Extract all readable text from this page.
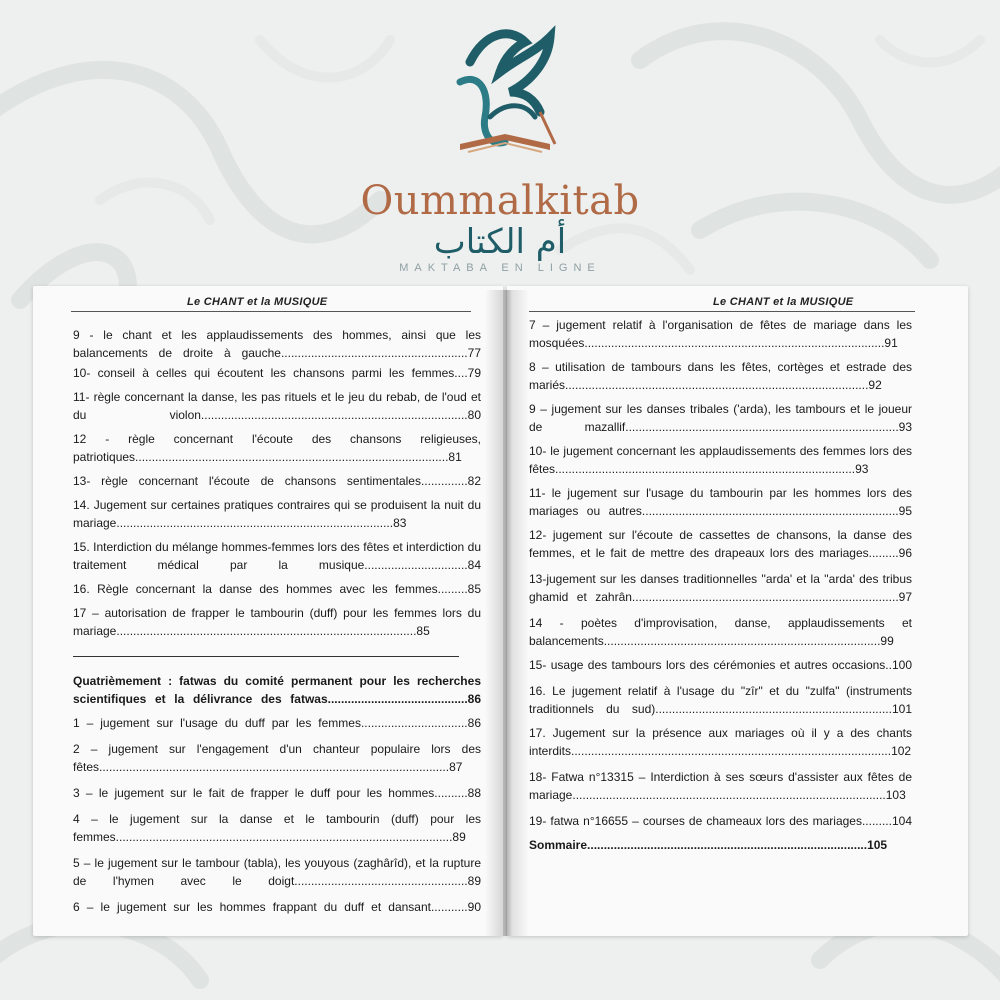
Oummalkitab
أم الكتاب
MAKTABA EN LIGNE
Le CHANT et la MUSIQUE
9 - le chant et les applaudissements des hommes, ainsi que les balancements de droite à gauche........................................................77
10- conseil à celles qui écoutent les chansons parmi les femmes....79
11- règle concernant la danse, les pas rituels et le jeu du rebab, de l'oud et du violon................................................................................80
12 - règle concernant l'écoute des chansons religieuses, patriotiques..............................................................................................81
13- règle concernant l'écoute de chansons sentimentales..............82
14. Jugement sur certaines pratiques contraires qui se produisent la nuit du mariage...................................................................................83
15. Interdiction du mélange hommes-femmes lors des fêtes et interdiction du traitement médical par la musique...............................84
16. Règle concernant la danse des hommes avec les femmes.........85
17 – autorisation de frapper le tambourin (duff) pour les femmes lors du mariage..........................................................................................85
Quatrièmement : fatwas du comité permanent pour les recherches scientifiques et la délivrance des fatwas..........................................86
1 – jugement sur l'usage du duff par les femmes................................86
2 – jugement sur l'engagement d'un chanteur populaire lors des fêtes.........................................................................................................87
3 – le jugement sur le fait de frapper le duff pour les hommes..........88
4 – le jugement sur la danse et le tambourin (duff) pour les femmes.....................................................................................................89
5 – le jugement sur le tambour (tabla), les youyous (zaghârîd), et la rupture de l'hymen avec le doigt....................................................89
6 – le jugement sur les hommes frappant du duff et dansant...........90
Le CHANT et la MUSIQUE
7 – jugement relatif à l'organisation de fêtes de mariage dans les mosquées..........................................................................................91
8 – utilisation de tambours dans les fêtes, cortèges et estrade des mariés...........................................................................................92
9 – jugement sur les danses tribales ('arda), les tambours et le joueur de mazallif..................................................................................93
10- le jugement concernant les applaudissements des femmes lors des fêtes..........................................................................................93
11- le jugement sur l'usage du tambourin par les hommes lors des mariages ou autres.............................................................................95
12- jugement sur l'écoute de cassettes de chansons, la danse des femmes, et le fait de mettre des drapeaux lors des mariages.........96
13-jugement sur les danses traditionnelles ''arda' et la ''arda' des tribus ghamid et zahrân................................................................................97
14 - poètes d'improvisation, danse, applaudissements et balancements...................................................................................99
15- usage des tambours lors des cérémonies et autres occasions..100
16. Le jugement relatif à l'usage du "zîr" et du "zulfa" (instruments traditionnels du sud).......................................................................101
17. Jugement sur la présence aux mariages où il y a des chants interdits................................................................................................102
18- Fatwa n°13315 – Interdiction à ses sœurs d'assister aux fêtes de mariage..............................................................................................103
19- fatwa n°16655 – courses de chameaux lors des mariages.........104
Sommaire....................................................................................105
